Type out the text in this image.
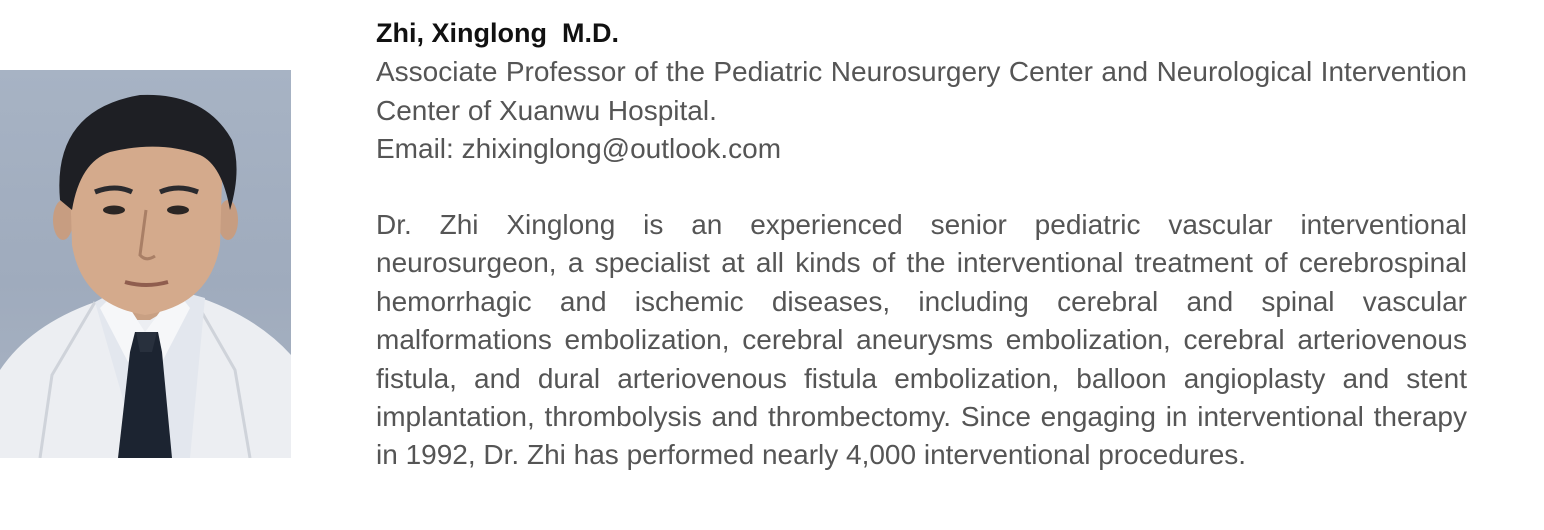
Zhi, Xinglong  M.D.

Associate Professor of the Pediatric Neurosurgery Center and Neurological Intervention Center of Xuanwu Hospital.

Email: zhixinglong@outlook.com

Dr. Zhi Xinglong is an experienced senior pediatric vascular interventional neurosurgeon, a specialist at all kinds of the interventional treatment of cerebrospinal hemorrhagic and ischemic diseases, including cerebral and spinal vascular malformations embolization, cerebral aneurysms embolization, cerebral arteriovenous fistula, and dural arteriovenous fistula embolization, balloon angioplasty and stent implantation, thrombolysis and thrombectomy. Since engaging in interventional therapy in 1992, Dr. Zhi has performed nearly 4,000 interventional procedures.
